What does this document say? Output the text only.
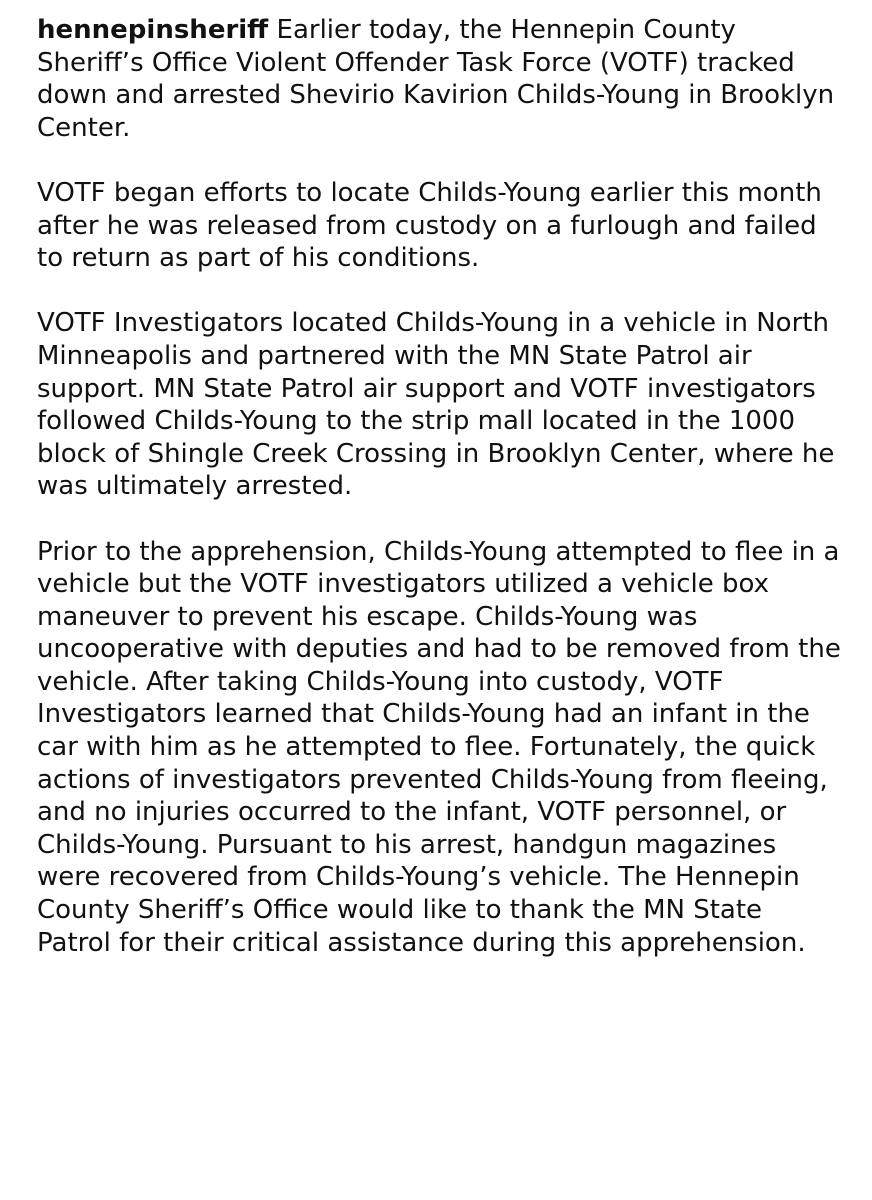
hennepinsheriff Earlier today, the Hennepin County Sheriff’s Office Violent Offender Task Force (VOTF) tracked down and arrested Shevirio Kavirion Childs-Young in Brooklyn Center.

VOTF began efforts to locate Childs-Young earlier this month after he was released from custody on a furlough and failed to return as part of his conditions.

VOTF Investigators located Childs-Young in a vehicle in North Minneapolis and partnered with the MN State Patrol air support. MN State Patrol air support and VOTF investigators followed Childs-Young to the strip mall located in the 1000 block of Shingle Creek Crossing in Brooklyn Center, where he was ultimately arrested.

Prior to the apprehension, Childs-Young attempted to flee in a vehicle but the VOTF investigators utilized a vehicle box maneuver to prevent his escape. Childs-Young was uncooperative with deputies and had to be removed from the vehicle. After taking Childs-Young into custody, VOTF Investigators learned that Childs-Young had an infant in the car with him as he attempted to flee. Fortunately, the quick actions of investigators prevented Childs-Young from fleeing, and no injuries occurred to the infant, VOTF personnel, or Childs-Young. Pursuant to his arrest, handgun magazines were recovered from Childs-Young’s vehicle. The Hennepin County Sheriff’s Office would like to thank the MN State Patrol for their critical assistance during this apprehension.
